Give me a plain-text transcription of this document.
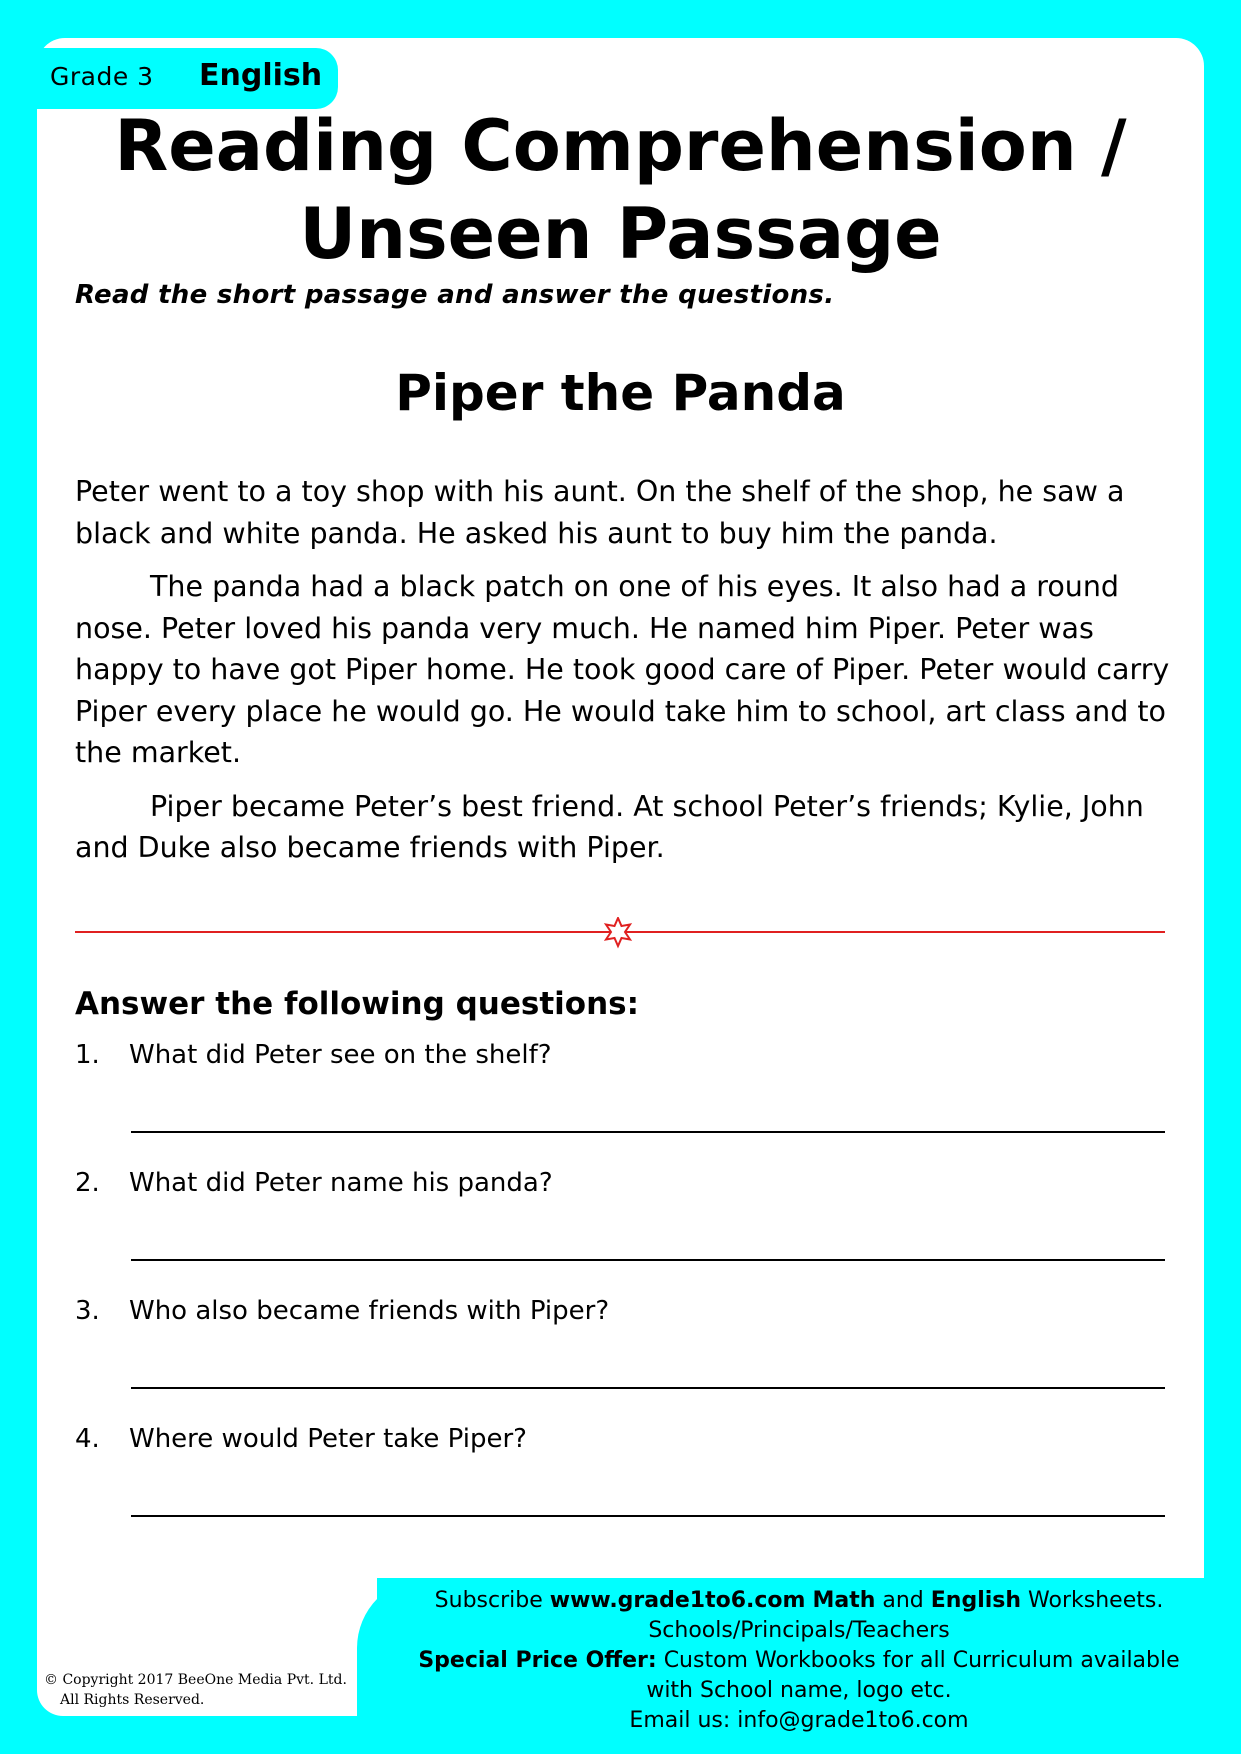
Grade 3 English
Reading Comprehension /
Unseen Passage
Read the short passage and answer the questions.
Piper the Panda

Peter went to a toy shop with his aunt. On the shelf of the shop, he saw a black and white panda. He asked his aunt to buy him the panda.

The panda had a black patch on one of his eyes. It also had a round nose. Peter loved his panda very much. He named him Piper. Peter was happy to have got Piper home. He took good care of Piper. Peter would carry Piper every place he would go. He would take him to school, art class and to the market.

Piper became Peter’s best friend. At school Peter’s friends; Kylie, John and Duke also became friends with Piper.

Answer the following questions:
1. What did Peter see on the shelf?
2. What did Peter name his panda?
3. Who also became friends with Piper?
4. Where would Peter take Piper?
© Copyright 2017 BeeOne Media Pvt. Ltd.
All Rights Reserved.
Subscribe www.grade1to6.com Math and English Worksheets.
Schools/Principals/Teachers
Special Price Offer: Custom Workbooks for all Curriculum available
with School name, logo etc.
Email us: info@grade1to6.com
